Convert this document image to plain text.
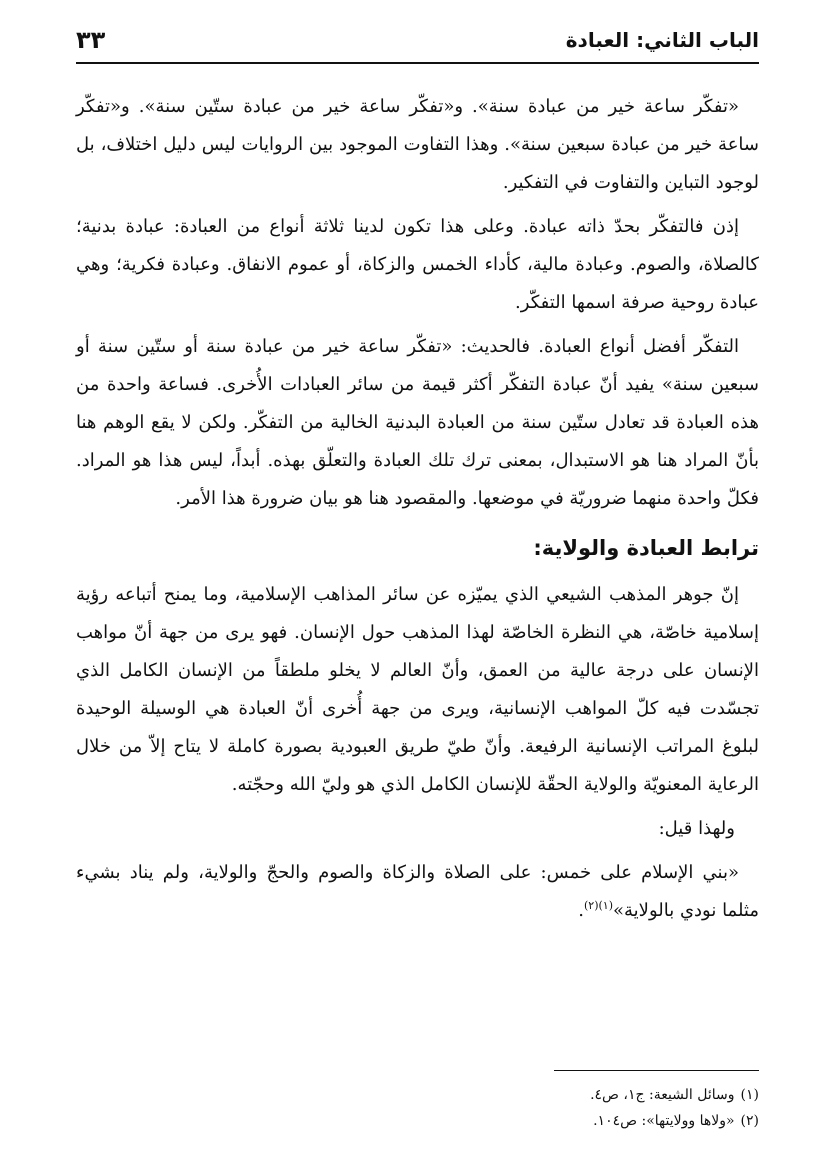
الباب الثاني: العبادة
٣٣

«تفكّر ساعة خير من عبادة سنة». و«تفكّر ساعة خير من عبادة ستّين سنة». و«تفكّر ساعة خير من عبادة سبعين سنة». وهذا التفاوت الموجود بين الروايات ليس دليل اختلاف، بل لوجود التباين والتفاوت في التفكير.

إذن فالتفكّر بحدّ ذاته عبادة. وعلى هذا تكون لدينا ثلاثة أنواع من العبادة: عبادة بدنية؛ كالصلاة، والصوم. وعبادة مالية، كأداء الخمس والزكاة، أو عموم الانفاق. وعبادة فكرية؛ وهي عبادة روحية صرفة اسمها التفكّر.

التفكّر أفضل أنواع العبادة. فالحديث: «تفكّر ساعة خير من عبادة سنة أو ستّين سنة أو سبعين سنة» يفيد أنّ عبادة التفكّر أكثر قيمة من سائر العبادات الأُخرى. فساعة واحدة من هذه العبادة قد تعادل ستّين سنة من العبادة البدنية الخالية من التفكّر. ولكن لا يقع الوهم هنا بأنّ المراد هنا هو الاستبدال، بمعنى ترك تلك العبادة والتعلّق بهذه. أبداً، ليس هذا هو المراد. فكلّ واحدة منهما ضروريّة في موضعها. والمقصود هنا هو بيان ضرورة هذا الأمر.

ترابط العبادة والولاية:

إنّ جوهر المذهب الشيعي الذي يميّزه عن سائر المذاهب الإسلامية، وما يمنح أتباعه رؤية إسلامية خاصّة، هي النظرة الخاصّة لهذا المذهب حول الإنسان. فهو يرى من جهة أنّ مواهب الإنسان على درجة عالية من العمق، وأنّ العالم لا يخلو ملطقاً من الإنسان الكامل الذي تجسّدت فيه كلّ المواهب الإنسانية، ويرى من جهة أُخرى أنّ العبادة هي الوسيلة الوحيدة لبلوغ المراتب الإنسانية الرفيعة. وأنّ طيّ طريق العبودية بصورة كاملة لا يتاح إلاّ من خلال الرعاية المعنويّة والولاية الحقّة للإنسان الكامل الذي هو وليّ الله وحجّته.

ولهذا قيل:

«بني الإسلام على خمس: على الصلاة والزكاة والصوم والحجّ والولاية، ولم يناد بشيء مثلما نودي بالولاية»$^{(١)(٢)}$.

(١)وسائل الشيعة: ج١، ص٤.

(٢)«ولاها وولايتها»: ص١٠٤.
